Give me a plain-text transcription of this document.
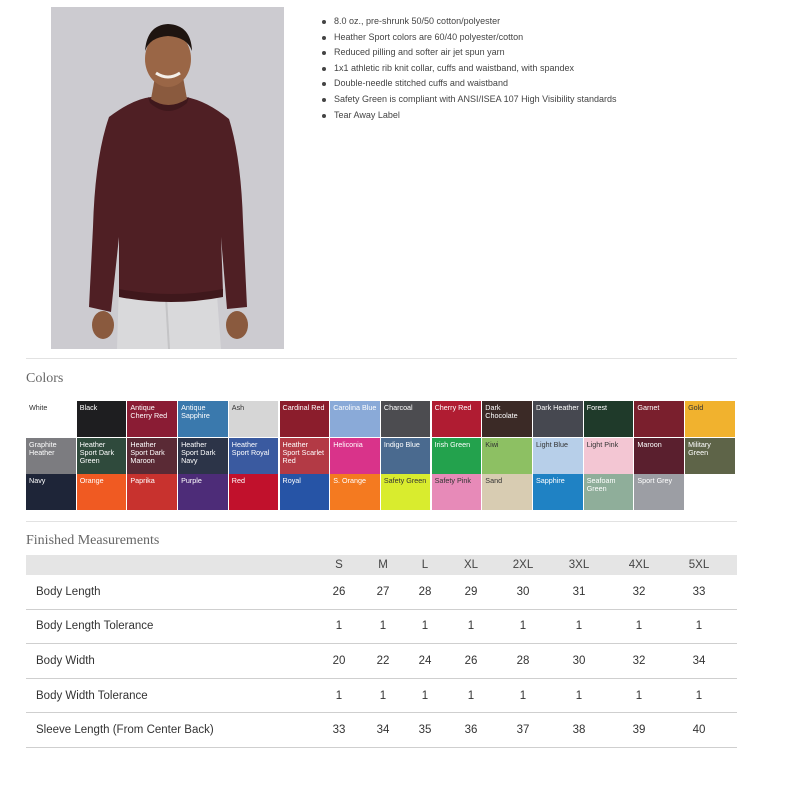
8.0 oz., pre-shrunk 50/50 cotton/polyester
Heather Sport colors are 60/40 polyester/cotton
Reduced pilling and softer air jet spun yarn
1x1 athletic rib knit collar, cuffs and waistband, with spandex
Double-needle stitched cuffs and waistband
Safety Green is compliant with ANSI/ISEA 107 High Visibility standards
Tear Away Label
Colors
White	Black	Antique Cherry Red
Antique Sapphire
Ash	Cardinal Red	Carolina Blue	Charcoal	Cherry Red	Dark Chocolate
Dark Heather	Forest	Garnet	Gold
Graphite Heather
Heather Sport Dark Green
Heather Sport Dark Maroon
Heather Sport Dark Navy
Heather Sport Royal
Heather Sport Scarlet Red
Heliconia	Indigo Blue	Irish Green	Kiwi	Light Blue	Light Pink	Maroon	Military Green
Navy	Orange	Paprika	Purple	Red	Royal	S. Orange	Safety Green	Safety Pink	Sand	Sapphire	Seafoam Green
Sport Grey
Finished Measurements
S	M	L	XL	2XL	3XL	4XL	5XL
Body Length	26	27	28	29	30	31	32	33
Body Length Tolerance	1	1	1	1	1	1	1	1
Body Width	20	22	24	26	28	30	32	34
Body Width Tolerance	1	1	1	1	1	1	1	1
Sleeve Length (From Center Back)	33	34	35	36	37	38	39	40
